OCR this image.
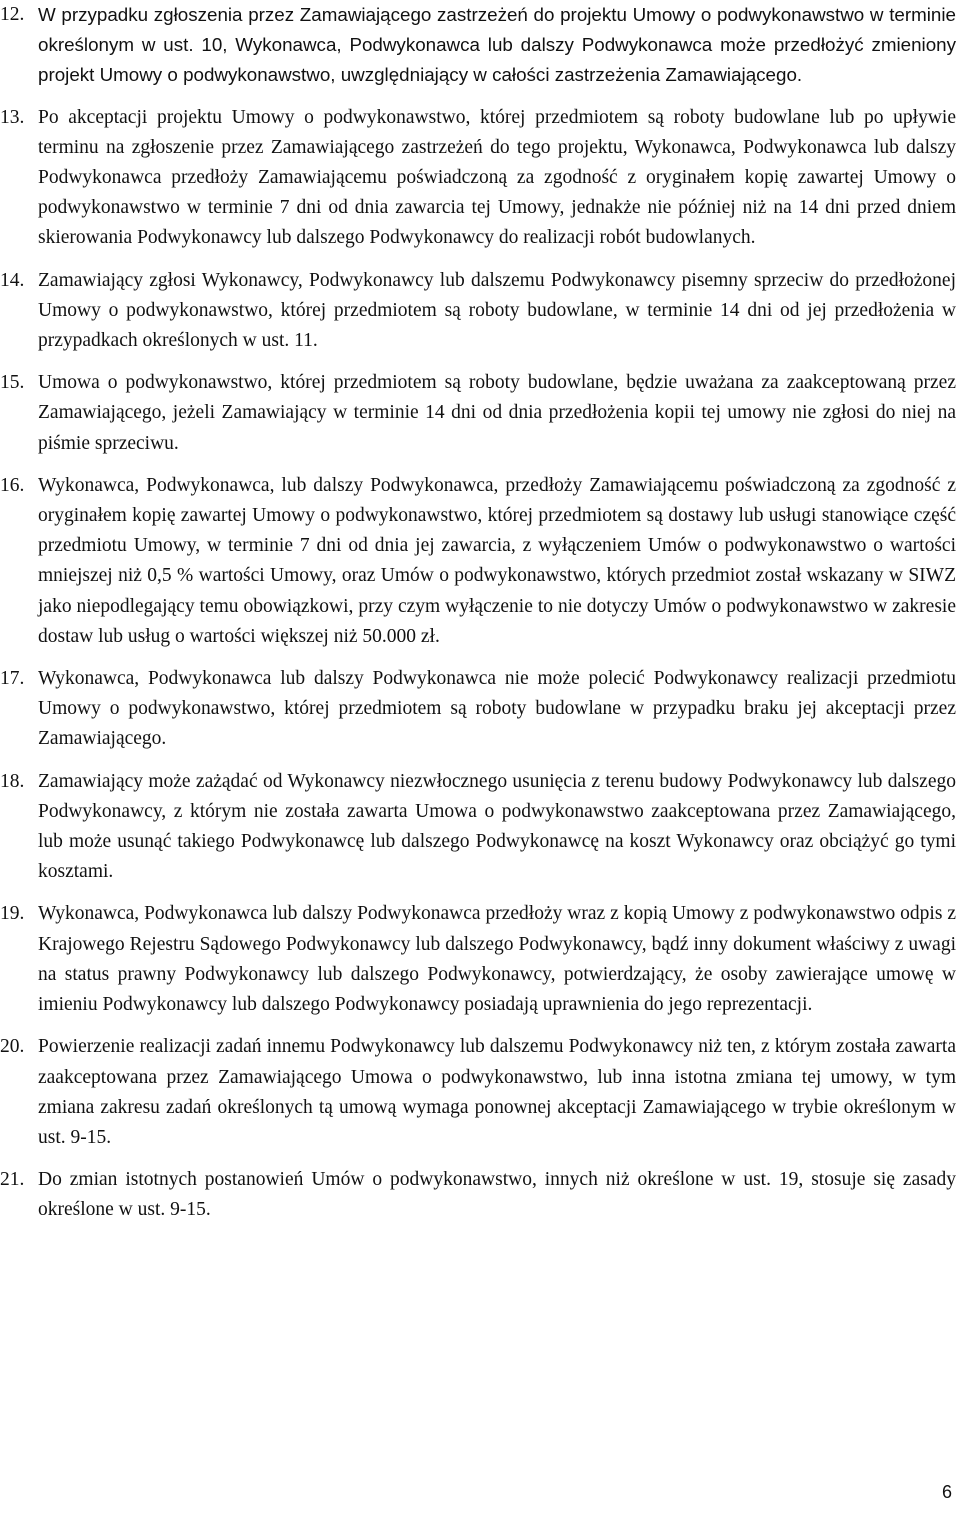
12. W przypadku zgłoszenia przez Zamawiającego zastrzeżeń do projektu Umowy o podwykonawstwo w terminie określonym w ust. 10, Wykonawca, Podwykonawca lub dalszy Podwykonawca może przedłożyć zmieniony projekt Umowy o podwykonawstwo, uwzględniający w całości zastrzeżenia Zamawiającego.
13. Po akceptacji projektu Umowy o podwykonawstwo, której przedmiotem są roboty budowlane lub po upływie terminu na zgłoszenie przez Zamawiającego zastrzeżeń do tego projektu, Wykonawca, Podwykonawca lub dalszy Podwykonawca przedłoży Zamawiającemu poświadczoną za zgodność z oryginałem kopię zawartej Umowy o podwykonawstwo w terminie 7 dni od dnia zawarcia tej Umowy, jednakże nie później niż na 14 dni przed dniem skierowania Podwykonawcy lub dalszego Podwykonawcy do realizacji robót budowlanych.
14. Zamawiający zgłosi Wykonawcy, Podwykonawcy lub dalszemu Podwykonawcy pisemny sprzeciw do przedłożonej Umowy o podwykonawstwo, której przedmiotem są roboty budowlane, w terminie 14 dni od jej przedłożenia w przypadkach określonych w ust. 11.
15. Umowa o podwykonawstwo, której przedmiotem są roboty budowlane, będzie uważana za zaakceptowaną przez Zamawiającego, jeżeli Zamawiający w terminie 14 dni od dnia przedłożenia kopii tej umowy nie zgłosi do niej na piśmie sprzeciwu.
16. Wykonawca, Podwykonawca, lub dalszy Podwykonawca, przedłoży Zamawiającemu poświadczoną za zgodność z oryginałem kopię zawartej Umowy o podwykonawstwo, której przedmiotem są dostawy lub usługi stanowiące część przedmiotu Umowy, w terminie 7 dni od dnia jej zawarcia, z wyłączeniem Umów o podwykonawstwo o wartości mniejszej niż 0,5 % wartości Umowy, oraz Umów o podwykonawstwo, których przedmiot został wskazany w SIWZ jako niepodlegający temu obowiązkowi, przy czym wyłączenie to nie dotyczy Umów o podwykonawstwo w zakresie dostaw lub usług o wartości większej niż 50.000 zł.
17. Wykonawca, Podwykonawca lub dalszy Podwykonawca nie może polecić Podwykonawcy realizacji przedmiotu Umowy o podwykonawstwo, której przedmiotem są roboty budowlane w przypadku braku jej akceptacji przez Zamawiającego.
18. Zamawiający może zażądać od Wykonawcy niezwłocznego usunięcia z terenu budowy Podwykonawcy lub dalszego Podwykonawcy, z którym nie została zawarta Umowa o podwykonawstwo zaakceptowana przez Zamawiającego, lub może usunąć takiego Podwykonawcę lub dalszego Podwykonawcę na koszt Wykonawcy oraz obciążyć go tymi kosztami.
19. Wykonawca, Podwykonawca lub dalszy Podwykonawca przedłoży wraz z kopią Umowy z podwykonawstwo odpis z Krajowego Rejestru Sądowego Podwykonawcy lub dalszego Podwykonawcy, bądź inny dokument właściwy z uwagi na status prawny Podwykonawcy lub dalszego Podwykonawcy, potwierdzający, że osoby zawierające umowę w imieniu Podwykonawcy lub dalszego Podwykonawcy posiadają uprawnienia do jego reprezentacji.
20. Powierzenie realizacji zadań innemu Podwykonawcy lub dalszemu Podwykonawcy niż ten, z którym została zawarta zaakceptowana przez Zamawiającego Umowa o podwykonawstwo, lub inna istotna zmiana tej umowy, w tym zmiana zakresu zadań określonych tą umową wymaga ponownej akceptacji Zamawiającego w trybie określonym w ust. 9-15.
21. Do zmian istotnych postanowień Umów o podwykonawstwo, innych niż określone w ust. 19, stosuje się zasady określone w ust. 9-15.
6
